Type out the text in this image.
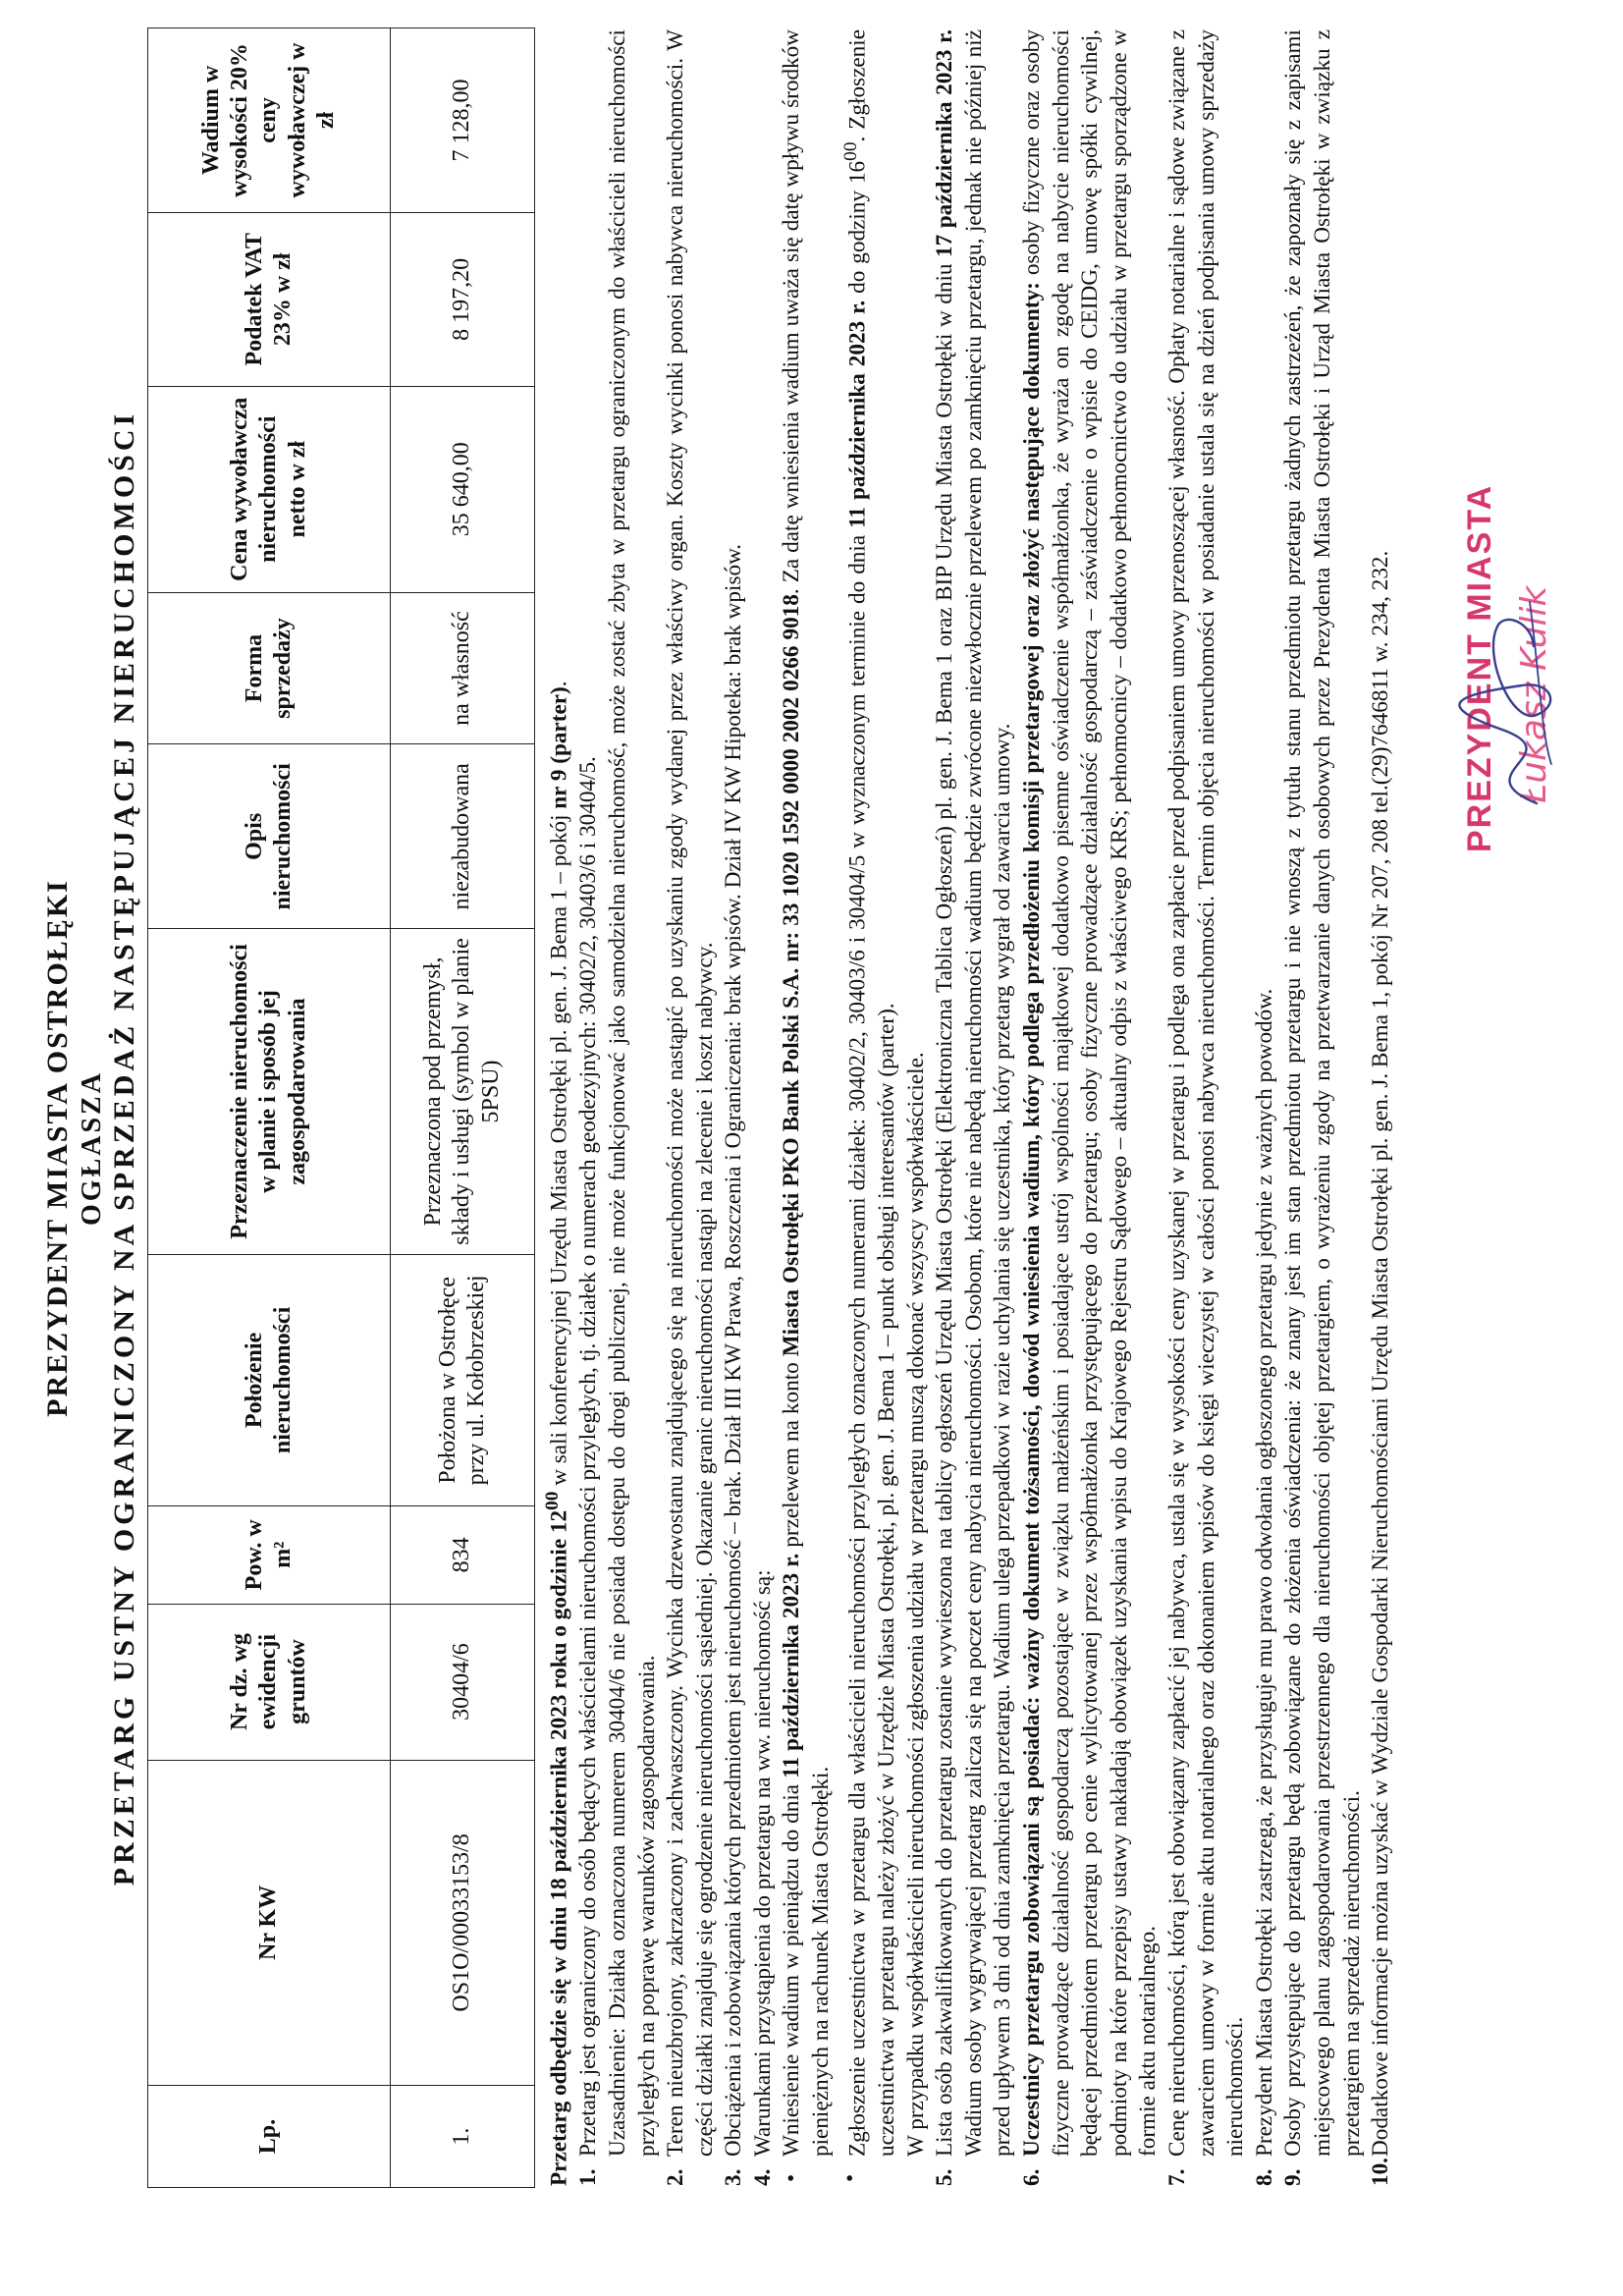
PREZYDENT MIASTA OSTROŁĘKI OGŁASZA PRZETARG USTNY OGRANICZONY NA SPRZEDAŻ NASTĘPUJĄCEJ NIERUCHOMOŚCI
Lp.	Nr KW	Nr dz. wg ewidencji gruntów	Pow. w m²	Położenie nieruchomości	Przeznaczenie nieruchomości w planie i sposób jej zagospodarowania	Opis nieruchomości	Forma sprzedaży	Cena wywoławcza nieruchomości netto w zł	Podatek VAT 23% w zł	Wadium w wysokości 20% ceny wywoławczej w zł
1.	OS1O/00033153/8	30404/6	834	Położona w Ostrołęce przy ul. Kołobrzeskiej	Przeznaczona pod przemysł, składy i usługi (symbol w planie 5PSU)	niezabudowana	na własność	35 640,00	8 197,20	7 128,00

Przetarg odbędzie się w dniu 18 października 2023 roku o godzinie $12^{00}$ w sali konferencyjnej Urzędu Miasta Ostrołęki pl. gen. J. Bema 1 – pokój nr 9 (parter).

1.
Przetarg jest ograniczony do osób będących właścicielami nieruchomości przyległych, tj. działek o numerach geodezyjnych: 30402/2, 30403/6 i 30404/5. Uzasadnienie: Działka oznaczona numerem 30404/6 nie posiada dostępu do drogi publicznej, nie może funkcjonować jako samodzielna nieruchomość, może zostać zbyta w przetargu ograniczonym do właścicieli nieruchomości przyległych na poprawę warunków zagospodarowania.
2.
Teren nieuzbrojony, zakrzaczony i zachwaszczony. Wycinka drzewostanu znajdującego się na nieruchomości może nastąpić po uzyskaniu zgody wydanej przez właściwy organ. Koszty wycinki ponosi nabywca nieruchomości. W części działki znajduje się ogrodzenie nieruchomości sąsiedniej. Okazanie granic nieruchomości nastąpi na zlecenie i koszt nabywcy.
3.
Obciążenia i zobowiązania których przedmiotem jest nieruchomość – brak. Dział III KW Prawa, Roszczenia i Ograniczenia: brak wpisów. Dział IV KW Hipoteka: brak wpisów.
4.
Warunkami przystąpienia do przetargu na ww. nieruchomość są:
•
Wniesienie wadium w pieniądzu do dnia 11 października 2023 r. przelewem na konto Miasta Ostrołęki PKO Bank Polski S.A. nr: 33 1020 1592 0000 2002 0266 9018. Za datę wniesienia wadium uważa się datę wpływu środków pieniężnych na rachunek Miasta Ostrołęki.
•
Zgłoszenie uczestnictwa w przetargu dla właścicieli nieruchomości przyległych oznaczonych numerami działek: 30402/2, 30403/6 i 30404/5 w wyznaczonym terminie do dnia 11 października 2023 r. do godziny $16^{00}$. Zgłoszenie uczestnictwa w przetargu należy złożyć w Urzędzie Miasta Ostrołęki, pl. gen. J. Bema 1 – punkt obsługi interesantów (parter). W przypadku współwłaścicieli nieruchomości zgłoszenia udziału w przetargu muszą dokonać wszyscy współwłaściciele.
5.
Lista osób zakwalifikowanych do przetargu zostanie wywieszona na tablicy ogłoszeń Urzędu Miasta Ostrołęki (Elektroniczna Tablica Ogłoszeń) pl. gen. J. Bema 1 oraz BIP Urzędu Miasta Ostrołęki w dniu 17 października 2023 r. Wadium osoby wygrywającej przetarg zalicza się na poczet ceny nabycia nieruchomości. Osobom, które nie nabędą nieruchomości wadium będzie zwrócone niezwłocznie przelewem po zamknięciu przetargu, jednak nie później niż przed upływem 3 dni od dnia zamknięcia przetargu. Wadium ulega przepadkowi w razie uchylania się uczestnika, który przetarg wygrał od zawarcia umowy.
6.
Uczestnicy przetargu zobowiązani są posiadać: ważny dokument tożsamości, dowód wniesienia wadium, który podlega przedłożeniu komisji przetargowej oraz złożyć następujące dokumenty: osoby fizyczne oraz osoby fizyczne prowadzące działalność gospodarczą pozostające w związku małżeńskim i posiadające ustrój wspólności majątkowej dodatkowo pisemne oświadczenie współmałżonka, że wyraża on zgodę na nabycie nieruchomości będącej przedmiotem przetargu po cenie wylicytowanej przez współmałżonka przystępującego do przetargu; osoby fizyczne prowadzące działalność gospodarczą – zaświadczenie o wpisie do CEIDG, umowę spółki cywilnej, podmioty na które przepisy ustawy nakładają obowiązek uzyskania wpisu do Krajowego Rejestru Sądowego – aktualny odpis z właściwego KRS; pełnomocnicy – dodatkowo pełnomocnictwo do udziału w przetargu sporządzone w formie aktu notarialnego.
7.
Cenę nieruchomości, którą jest obowiązany zapłacić jej nabywca, ustala się w wysokości ceny uzyskanej w przetargu i podlega ona zapłacie przed podpisaniem umowy przenoszącej własność. Opłaty notarialne i sądowe związane z zawarciem umowy w formie aktu notarialnego oraz dokonaniem wpisów do księgi wieczystej w całości ponosi nabywca nieruchomości. Termin objęcia nieruchomości w posiadanie ustala się na dzień podpisania umowy sprzedaży nieruchomości.
8.
Prezydent Miasta Ostrołęki zastrzega, że przysługuje mu prawo odwołania ogłoszonego przetargu jedynie z ważnych powodów.
9.
Osoby przystępujące do przetargu będą zobowiązane do złożenia oświadczenia: że znany jest im stan przedmiotu przetargu i nie wnoszą z tytułu stanu przedmiotu przetargu żadnych zastrzeżeń, że zapoznały się z zapisami miejscowego planu zagospodarowania przestrzennego dla nieruchomości objętej przetargiem, o wyrażeniu zgody na przetwarzanie danych osobowych przez Prezydenta Miasta Ostrołęki i Urząd Miasta Ostrołęki w związku z przetargiem na sprzedaż nieruchomości.
10.
Dodatkowe informacje można uzyskać w Wydziale Gospodarki Nieruchomościami Urzędu Miasta Ostrołęki pl. gen. J. Bema 1, pokój Nr 207, 208 tel.(29)7646811 w. 234, 232. PREZYDENT MIASTA Łukasz Kulik
